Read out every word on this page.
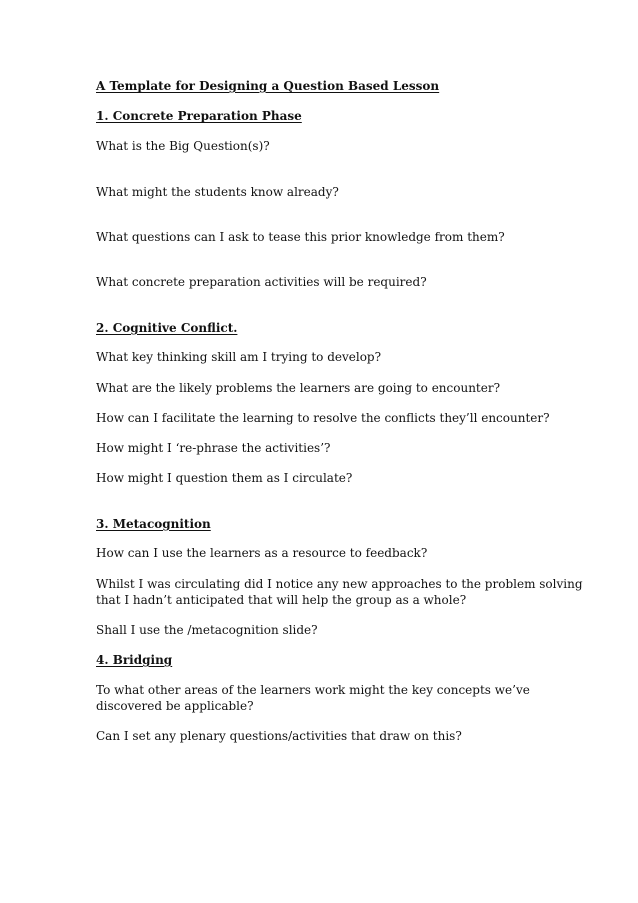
A Template for Designing a Question Based Lesson

1. Concrete Preparation Phase

What is the Big Question(s)?

What might the students know already?

What questions can I ask to tease this prior knowledge from them?

What concrete preparation activities will be required?

2. Cognitive Conflict.

What key thinking skill am I trying to develop?

What are the likely problems the learners are going to encounter?

How can I facilitate the learning to resolve the conflicts they’ll encounter?

How might I ‘re-phrase the activities’?

How might I question them as I circulate?

3. Metacognition

How can I use the learners as a resource to feedback?

Whilst I was circulating did I notice any new approaches to the problem solving

that I hadn’t anticipated that will help the group as a whole?

Shall I use the /metacognition slide?

4. Bridging

To what other areas of the learners work might the key concepts we’ve

discovered be applicable?

Can I set any plenary questions/activities that draw on this?
